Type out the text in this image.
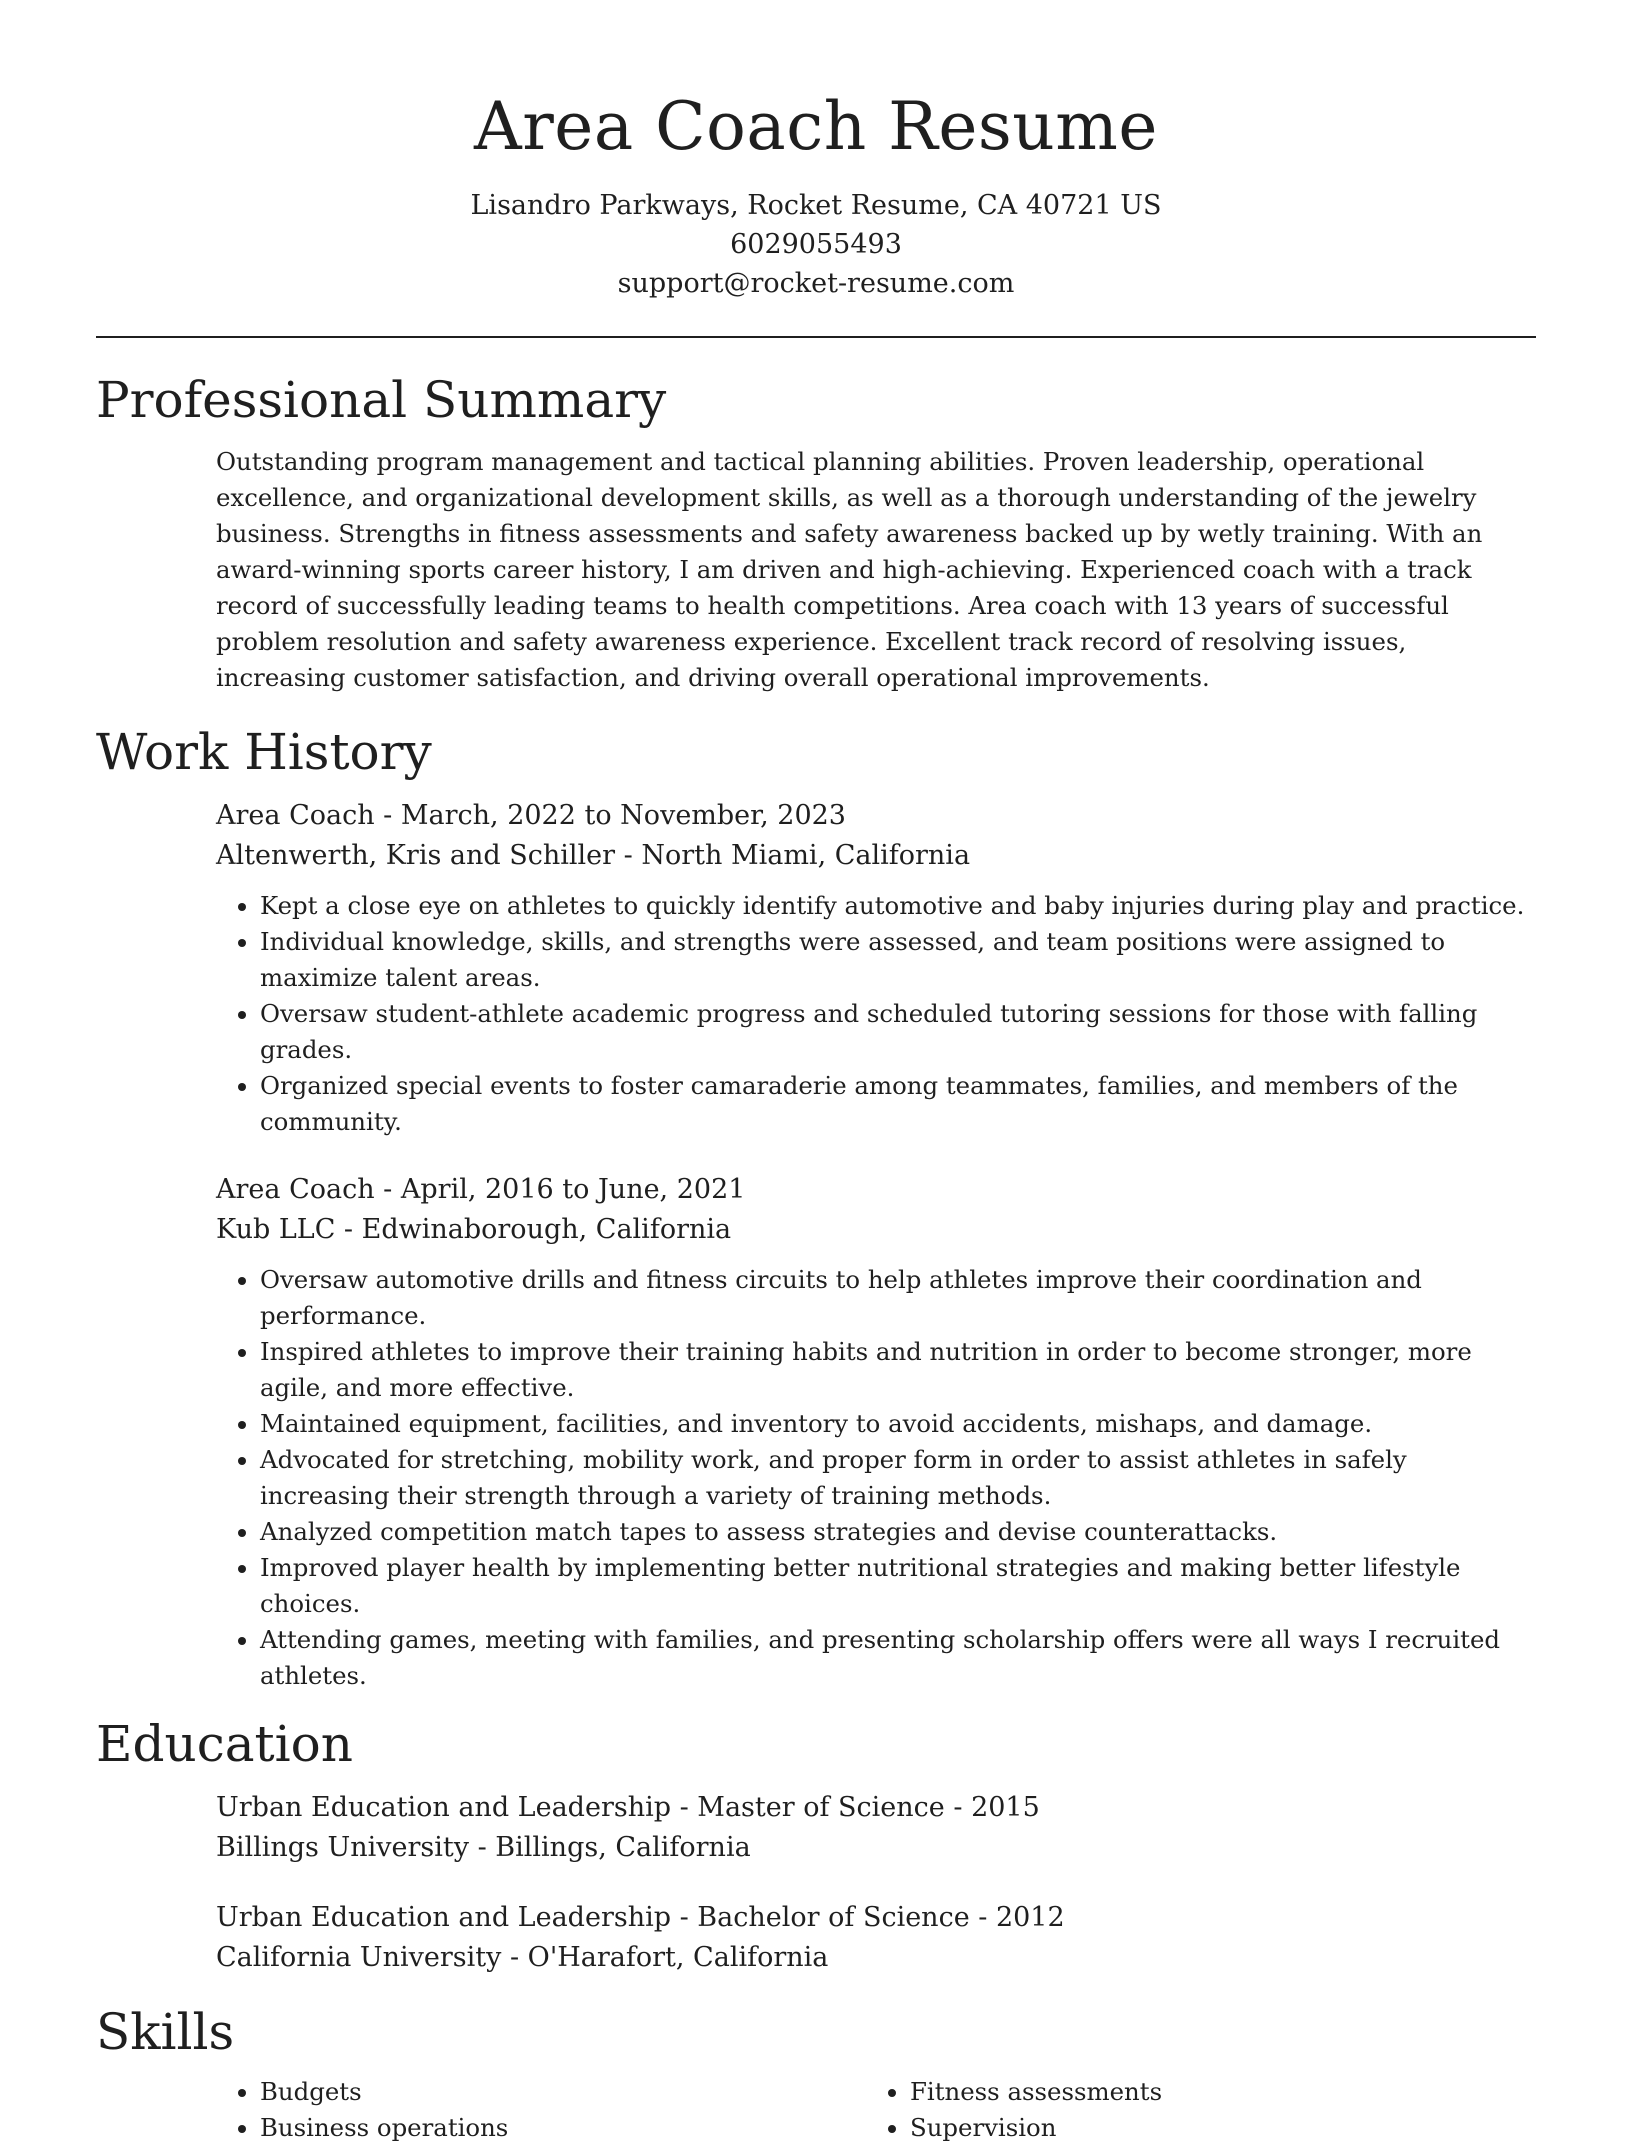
Area Coach Resume
Lisandro Parkways, Rocket Resume, CA 40721 US
6029055493
support@rocket-resume.com
Professional Summary

Outstanding program management and tactical planning abilities. Proven leadership, operational excellence, and organizational development skills, as well as a thorough understanding of the jewelry business. Strengths in fitness assessments and safety awareness backed up by wetly training. With an award-winning sports career history, I am driven and high-achieving. Experienced coach with a track record of successfully leading teams to health competitions. Area coach with 13 years of successful problem resolution and safety awareness experience. Excellent track record of resolving issues, increasing customer satisfaction, and driving overall operational improvements.

Work History

Area Coach - March, 2022 to November, 2023

Altenwerth, Kris and Schiller - North Miami, California

• Kept a close eye on athletes to quickly identify automotive and baby injuries during play and practice.
• Individual knowledge, skills, and strengths were assessed, and team positions were assigned to maximize talent areas.
• Oversaw student-athlete academic progress and scheduled tutoring sessions for those with falling grades.
• Organized special events to foster camaraderie among teammates, families, and members of the community.

Area Coach - April, 2016 to June, 2021

Kub LLC - Edwinaborough, California

• Oversaw automotive drills and fitness circuits to help athletes improve their coordination and performance.
• Inspired athletes to improve their training habits and nutrition in order to become stronger, more agile, and more effective.
• Maintained equipment, facilities, and inventory to avoid accidents, mishaps, and damage.
• Advocated for stretching, mobility work, and proper form in order to assist athletes in safely increasing their strength through a variety of training methods.
• Analyzed competition match tapes to assess strategies and devise counterattacks.
• Improved player health by implementing better nutritional strategies and making better lifestyle choices.
• Attending games, meeting with families, and presenting scholarship offers were all ways I recruited athletes.
Education

Urban Education and Leadership - Master of Science - 2015

Billings University - Billings, California

Urban Education and Leadership - Bachelor of Science - 2012

California University - O'Harafort, California

Skills
• Budgets
• Business operations
• Fitness assessments
• Supervision
